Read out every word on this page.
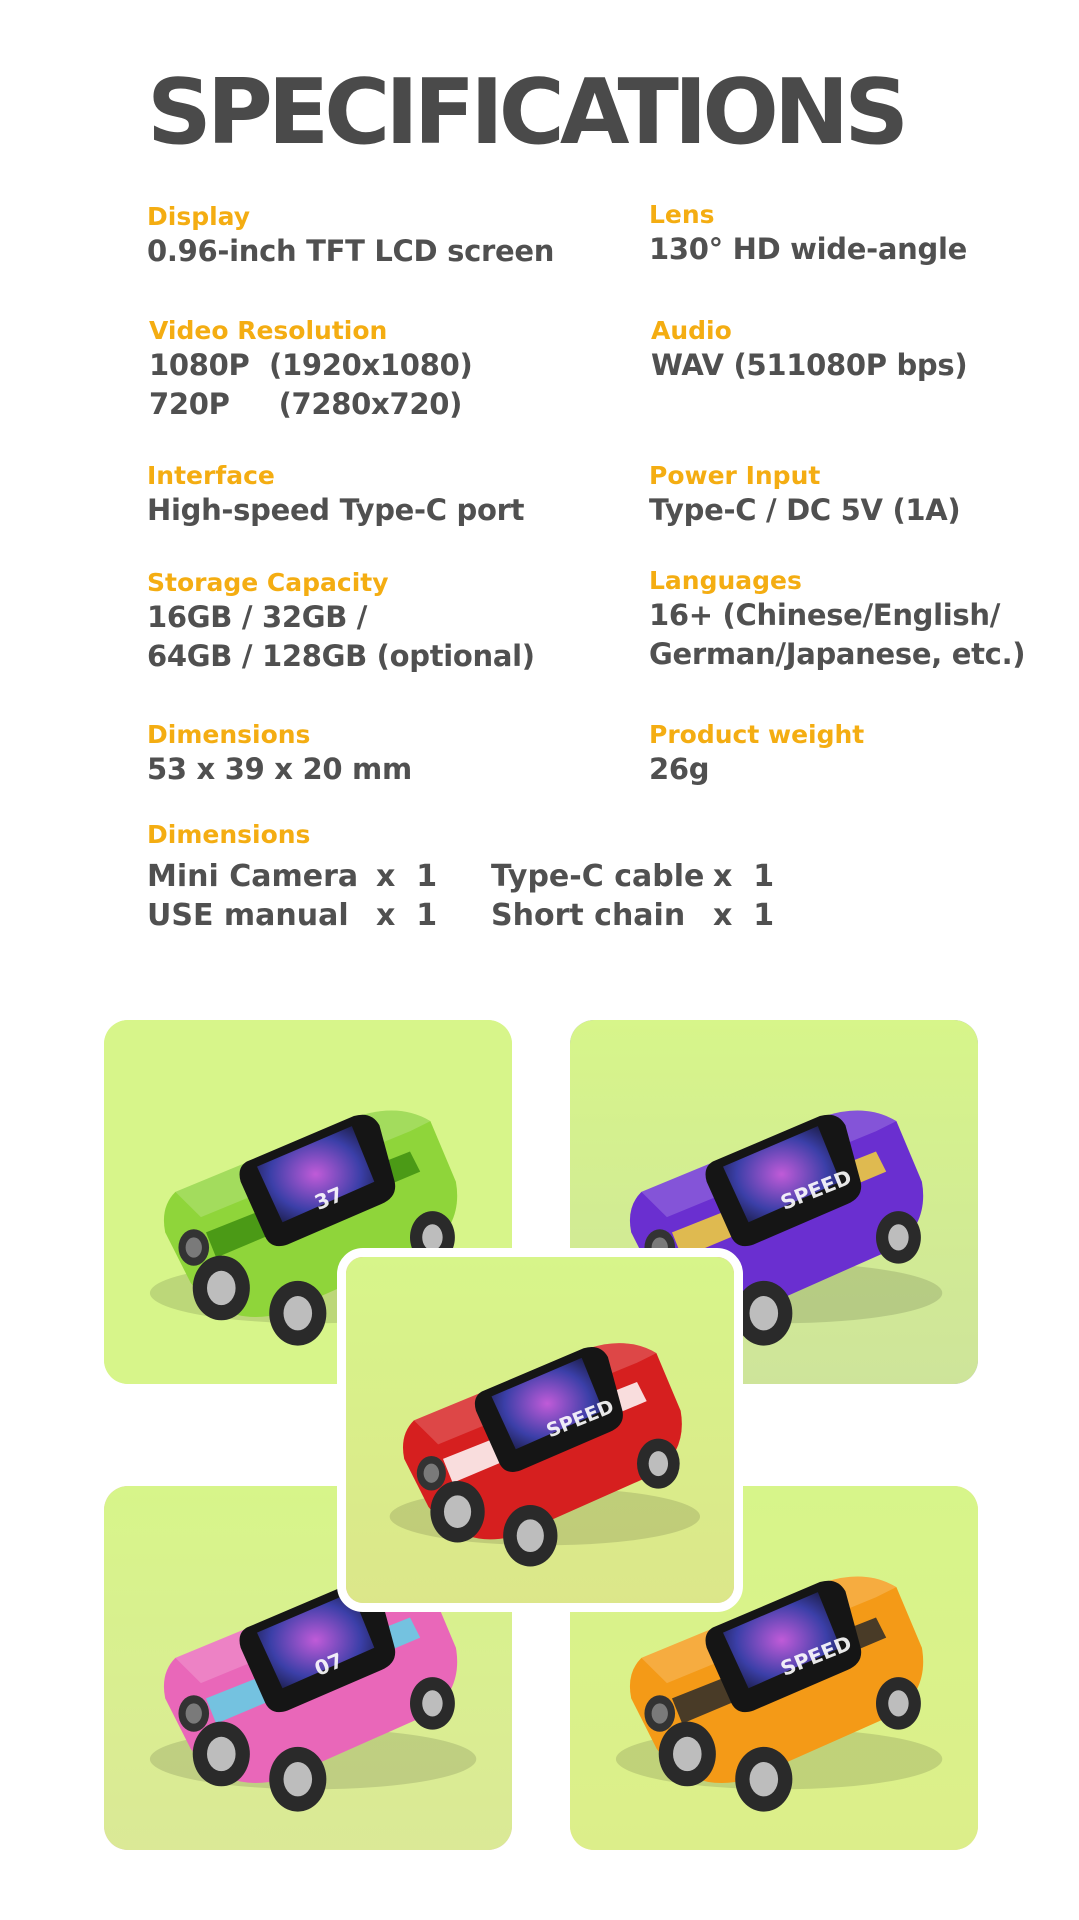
SPECIFICATIONS
Display
0.96-inch TFT LCD screen
Lens
130° HD wide-angle
Video Resolution
1080P  (1920x1080)
720P     (7280x720)
Audio
WAV (511080P bps)
Interface
High-speed Type-C port
Power Input
Type-C / DC 5V (1A)
Storage Capacity
16GB / 32GB /
64GB / 128GB (optional)
Languages
16+ (Chinese/English/
German/Japanese, etc.)
Dimensions
53 x 39 x 20 mm
Product weight
26g
Dimensions
Mini Camera x  1 Type-C cable x  1
USE manual x  1 Short chain x  1
37	SPEED
07	SPEED
SPEED
